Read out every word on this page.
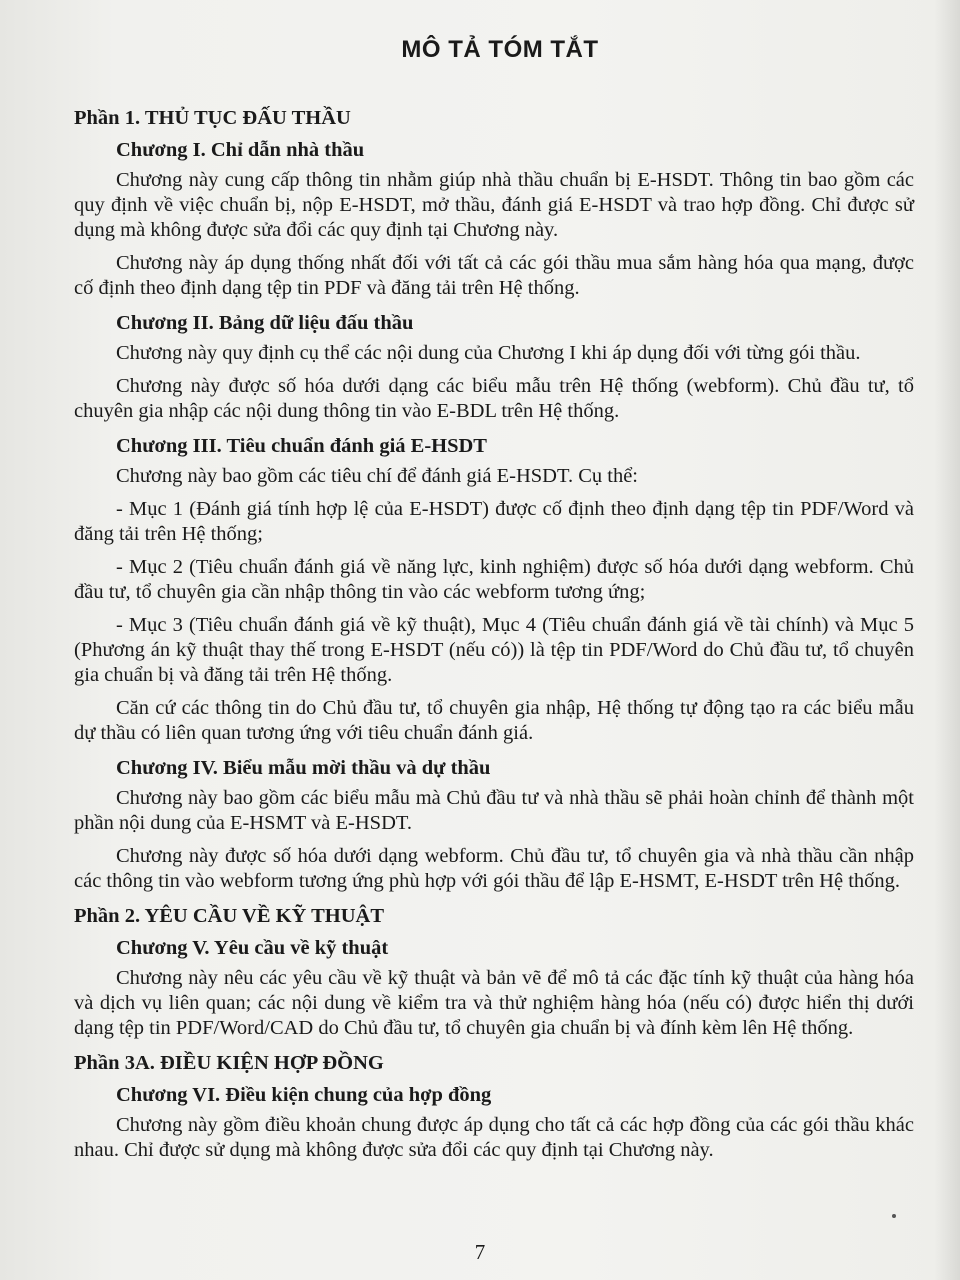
MÔ TẢ TÓM TẮT
Phần 1. THỦ TỤC ĐẤU THẦU
Chương I. Chỉ dẫn nhà thầu

Chương này cung cấp thông tin nhằm giúp nhà thầu chuẩn bị E-HSDT. Thông tin bao gồm các quy định về việc chuẩn bị, nộp E-HSDT, mở thầu, đánh giá E-HSDT và trao hợp đồng. Chỉ được sử dụng mà không được sửa đổi các quy định tại Chương này.

Chương này áp dụng thống nhất đối với tất cả các gói thầu mua sắm hàng hóa qua mạng, được cố định theo định dạng tệp tin PDF và đăng tải trên Hệ thống.

Chương II. Bảng dữ liệu đấu thầu

Chương này quy định cụ thể các nội dung của Chương I khi áp dụng đối với từng gói thầu.

Chương này được số hóa dưới dạng các biểu mẫu trên Hệ thống (webform). Chủ đầu tư, tổ chuyên gia nhập các nội dung thông tin vào E-BDL trên Hệ thống.

Chương III. Tiêu chuẩn đánh giá E-HSDT

Chương này bao gồm các tiêu chí để đánh giá E-HSDT. Cụ thể:

- Mục 1 (Đánh giá tính hợp lệ của E-HSDT) được cố định theo định dạng tệp tin PDF/Word và đăng tải trên Hệ thống;

- Mục 2 (Tiêu chuẩn đánh giá về năng lực, kinh nghiệm) được số hóa dưới dạng webform. Chủ đầu tư, tổ chuyên gia cần nhập thông tin vào các webform tương ứng;

- Mục 3 (Tiêu chuẩn đánh giá về kỹ thuật), Mục 4 (Tiêu chuẩn đánh giá về tài chính) và Mục 5 (Phương án kỹ thuật thay thế trong E-HSDT (nếu có)) là tệp tin PDF/Word do Chủ đầu tư, tổ chuyên gia chuẩn bị và đăng tải trên Hệ thống.

Căn cứ các thông tin do Chủ đầu tư, tổ chuyên gia nhập, Hệ thống tự động tạo ra các biểu mẫu dự thầu có liên quan tương ứng với tiêu chuẩn đánh giá.

Chương IV. Biểu mẫu mời thầu và dự thầu

Chương này bao gồm các biểu mẫu mà Chủ đầu tư và nhà thầu sẽ phải hoàn chỉnh để thành một phần nội dung của E-HSMT và E-HSDT.

Chương này được số hóa dưới dạng webform. Chủ đầu tư, tổ chuyên gia và nhà thầu cần nhập các thông tin vào webform tương ứng phù hợp với gói thầu để lập E-HSMT, E-HSDT trên Hệ thống.

Phần 2. YÊU CẦU VỀ KỸ THUẬT
Chương V. Yêu cầu về kỹ thuật

Chương này nêu các yêu cầu về kỹ thuật và bản vẽ để mô tả các đặc tính kỹ thuật của hàng hóa và dịch vụ liên quan; các nội dung về kiểm tra và thử nghiệm hàng hóa (nếu có) được hiển thị dưới dạng tệp tin PDF/Word/CAD do Chủ đầu tư, tổ chuyên gia chuẩn bị và đính kèm lên Hệ thống.

Phần 3A. ĐIỀU KIỆN HỢP ĐỒNG
Chương VI. Điều kiện chung của hợp đồng

Chương này gồm điều khoản chung được áp dụng cho tất cả các hợp đồng của các gói thầu khác nhau. Chỉ được sử dụng mà không được sửa đổi các quy định tại Chương này.

7
